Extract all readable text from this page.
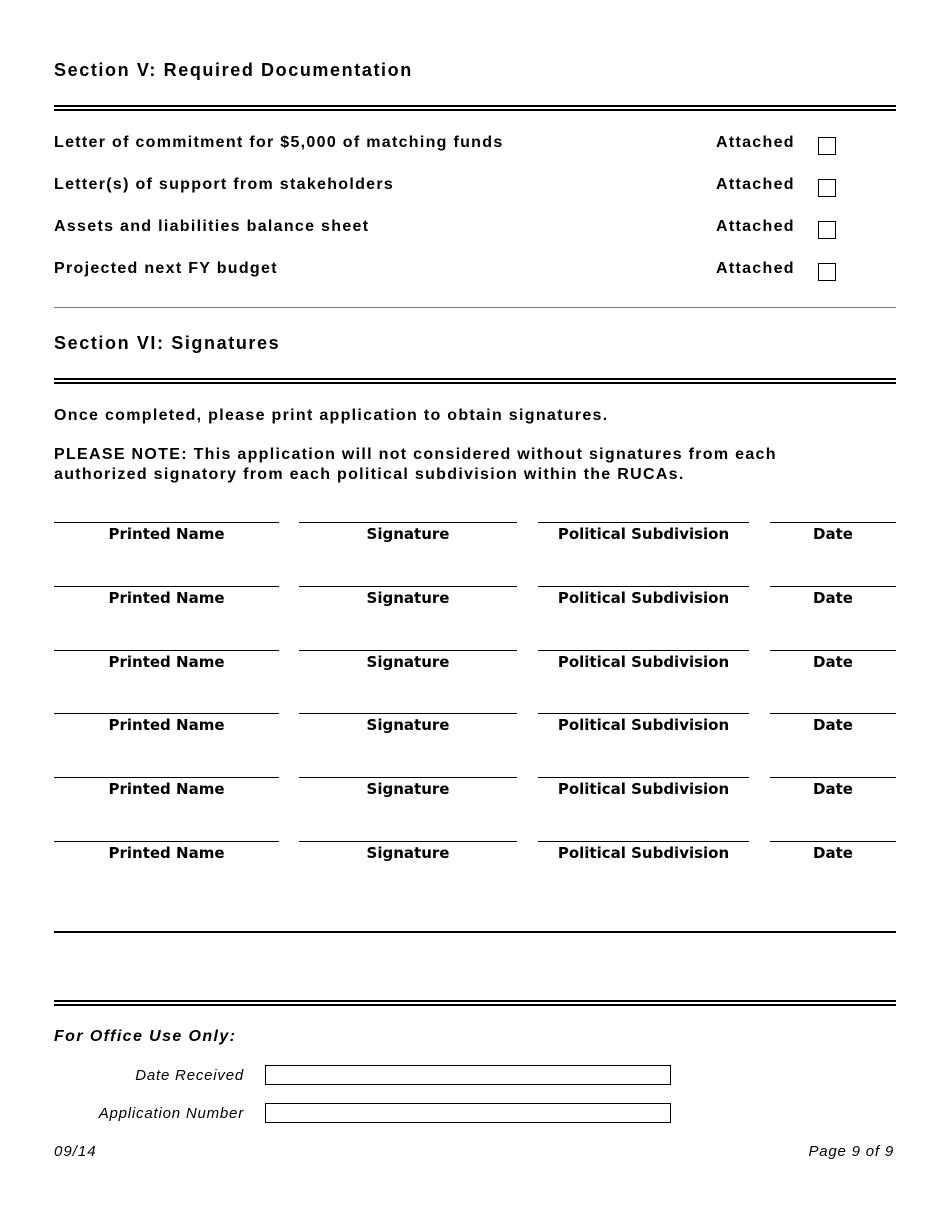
Section V: Required Documentation
Letter of commitment for $5,000 of matching funds	Attached
Letter(s) of support from stakeholders	Attached
Assets and liabilities balance sheet	Attached
Projected next FY budget	Attached
Section VI: Signatures
Once completed, please print application to obtain signatures.
PLEASE NOTE: This application will not considered without signatures from each authorized signatory from each political subdivision within the RUCAs.
Printed Name	Signature	Political Subdivision	Date
Printed Name	Signature	Political Subdivision	Date
Printed Name	Signature	Political Subdivision	Date
Printed Name	Signature	Political Subdivision	Date
Printed Name	Signature	Political Subdivision	Date
Printed Name	Signature	Political Subdivision	Date
For Office Use Only:
Date Received
Application Number
09/14	Page 9 of 9
